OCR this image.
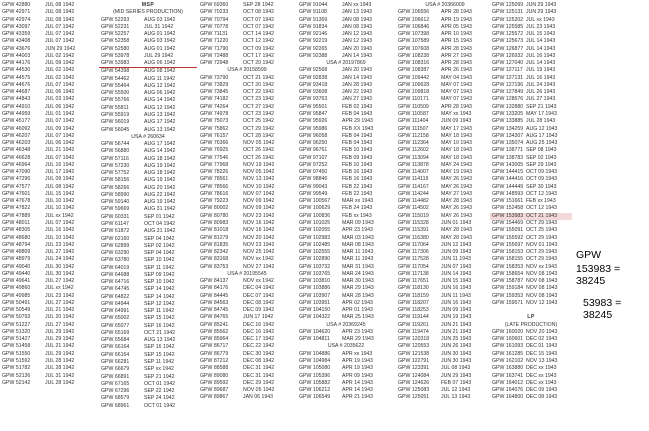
GPW 42880	JUL 08 1942
GPW 42971	JUL 08 1942
GPW 42974	JUL 08 1942
GPW 43097	JUL 07 1942
GPW 43359	JUL 07 1942
GPW 43408	JUL 07 1942
GPW 43676	JUN 29 1942
GPW 44003	JUL 02 1942
GPW 44176	JUL 09 1942
GPW 44530	JUL 02 1942
GPW 44575	JUL 02 1942
GPW 44676	JUL 07 1942
GPW 44687	JUL 06 1942
GPW 44843	JUL 03 1942
GPW 44910	JUL 06 1942
GPW 44959	JUL 01 1942
GPW 45177	JUL 07 1942
GPW 46092	JUL 09 1942
GPW 46207	JUL 07 1942
GPW 46203	JUL 06 1942
GPW 46348	JUL 21 1942
GPW 46628	JUL 07 1942
GPW 46964	JUL 16 1942
GPW 47090	JUL 17 1942
GPW 47296	JUL 09 1942
GPW 47577	JUL 08 1942
GPW 47601	JUL 15 1942
GPW 47678	JUL 10 1942
GPW 47822	JUL 10 1942
GPW 47889	JUL xx 1942
GPW 48011	JUL 07 1942
GPW 48305	JUL 16 1942
GPW 48680	JUL 10 1942
GPW 48794	JUL 23 1942
GPW 48809	JUL 27 1942
GPW 48979	JUL 24 1942
GPW 49040	JUL 30 1942
GPW 49440	JUL 30 1942
GPW 49641	JUL 27 1942
GPW 49860	JUL xx 1942
GPW 49985	JUL 23 1942
GPW 50491	JUL 27 1942
GPW 50549	JUL 21 1942
GPW 50793	JUL 20 1942
GPW 51227	JUL 27 1942
GPW 51320	JUL 29 1942
GPW 51427	JUL 29 1942
GPW 51458	JUL 21 1942
GPW 51550	JUL 29 1942
GPW 51592	JUL 28 1942
GPW 51782	JUL 28 1942
GPW 52136	JUL 31 1942
GPW 52142	JUL 28 1942
MSP
(MID SERIES PRODUCTION)
GPW 52293	AUG 03 1942
GPW 52231	JUL 31 1942
GPW 52257	AUG 01 1942
GPW 52358	AUG 03 1942
GPW 52580	AUG 01 1942
GPW 53978	JUL 29 1942
GPW 53983	AUG 06 1942
GPW 54398	AUG 08 1942
GPW 54462	AUG 11 1942
GPW 55464	AUG 12 1942
GPW 55500	AUG 06 1942
GPW 55766	AUG 14 1942
GPW 55811	AUG 12 1942
GPW 55919	AUG 13 1942
GPW 56019	AUG 17 1942
GPW 56045	AUG 13 1942
USA # 260634
GPW 56744	AUG 17 1942
GPW 56880	AUG 14 1942
GPW 57116	AUG 18 1942
GPW 57230	AUG 19 1942
GPW 57752	AUG 18 1942
GPW 58156	AUG 19 1942
GPW 58266	AUG 20 1942
GPW 58990	AUG 22 1942
GPW 59140	AUG 19 1942
GPW 59669	AUG 31 1942
GPW 60331	SEP 01 1942
GPW 61147	OCT 04 1942
GPW 61872	AUG 31 1942
GPW 62160	SEP 04 1942
GPW 62899	SEP 02 1942
GPW 63290	SEP 04 1942
GPW 63780	SEP 10 1942
GPW 64019	SEP 11 1942
GPW 64688	SEP 09 1942
GPW 64716	SEP 10 1942
GPW 64745	SEP 14 1942
GPW 64822	SEP 14 1942
GPW 64944	SEP 12 1942
GPW 64991	SEP 11 1942
GPW 65002	SEP 15 1942
GPW 65077	SEP 16 1942
GPW 65169	OCT 21 1942
GPW 65684	AUG 13 1942
GPW 66164	SEP 16 1942
GPW 66164	SEP 15 1942
GPW 66281	SEP 11 1942
GPW 66679	SEP xx 1942
GPW 66891	SEP 21 1942
GPW 67165	OCT 01 1942
GPW 67296	SEP 22 1942
GPW 68579	SEP 24 1942
GPW 68961	OCT 01 1942
GPW 69360	SEP 28 1942
GPW 70233	OCT 08 1942
GPW 70794	OCT 07 1942
GPW 70778	OCT 07 1942
GPW 71131	OCT 14 1942
GPW 71220	OCT 12 1942
GPW 71790	OCT 09 1942
GPW 72488	OCT 17 1942
GPW 72948	OCT 20 1942
USA # 20158599
GPW 73790	OCT 21 1942
GPW 73829	OCT 20 1942
GPW 73845	OCT 22 1942
GPW 74182	OCT 23 1942
GPW 74264	OCT 27 1942
GPW 74978	OCT 23 1942
GPW 75073	OCT 25 1942
GPW 75862	OCT 29 1942
GPW 76157	OCT 28 1942
GPW 76366	NOV 05 1942
GPW 76925	OCT 26 1942
GPW 77546	OCT 26 1942
GPW 77968	NOV 19 1942
GPW 78226	NOV 05 1942
GPW 78561	NOV 13 1942
GPW 78566	NOV 10 1942
GPW 78616	NOV 07 1942
GPW 79223	NOV 09 1942
GPW 80002	NOV 09 1942
GPW 80780	NOV 23 1942
GPW 80983	NOV 16 1942
GPW 81018	NOV 16 1942
GPW 81279	NOV 20 1942
GPW 81835	NOV 23 1942
GPW 82342	NOV 25 1942
GPW 83168	NOV xx 1942
GPW 83753	NOV 27 1942
USA # 20195545
GPW 84137	NOV xx 1942
GPW 84176	DEC 04 1942
GPW 84445	DEC 07 1942
GPW 84563	DEC 08 1942
GPW 84745	DEC 09 1942
GPW 84765	JUN 17 1942
GPW 85241	DEC 16 1942
GPW 85662	DEC 16 1942
GPW 85964	DEC 17 1942
GPW 86717	DEC 22 1942
GPW 86779	DEC 30 1942
GPW 87212	DEC 08 1942
GPW 88588	DEC 31 1942
GPW 89080	DEC 31 1942
GPW 89592	DEC 29 1942
GPW 89687	NOV 05 1942
GPW 89867	JAN 06 1943
GPW 91044	JAN xx 1943
GPW 91108	JAN 13 1943
GPW 91369	JAN 08 1943
GPW 91834	JAN 08 1943
GPW 92146	JAN 12 1943
GPW 92219	JAN 12 1943
GPW 92265	JAN 20 1943
GPW 92388	JAN 14 1943
USA # 20197869
GPW 92568	JAN 20 1943
GPW 92838	JAN 14 1943
GPW 93418	JAN 28 1943
GPW 93608	JAN 22 1943
GPW 93763	JAN 27 1943
GPW 95501	FEB 02 1943
GPW 95847	FEB 04 1943
GPW 95926	APR 29 1943
GPW 95986	FEB XX 1943
GPW 96058	FEB 04 1943
GPW 96250	FEB 04 1943
GPW 96761	FEB 10 1943
GPW 97107	FEB 09 1943
GPW 97252	FEB 10 1943
GPW 97450	FEB 16 1943
GPW 98846	FEB 16 1943
GPW 99043	FEB 22 1943
GPW 99549	FEB 22 1943
GPW 100567 MAR xx 1943
GPW 100629 FEB 24 1943
GPW 100836 FEB xx 1943
GPW 101025 MAR 09 1943
GPW 102055 APR 23 1943
GPW 102983 MAR 03 1943
GPW 102485 MAR 08 1943
GPW 102555 MAR 11 1943
GPW 102890 MAR 11 1943
GPW 103732 MAR 31 1943
GPW 103765 MAR 24 1943
GPW 103810 MAR 30 1943
GPW 103886 MAR 29 1943
GPW 103907 MAR 28 1943
GPW 103951 APR 02 1943
GPW 104150 APR 01 1943
GPW 104322 MAR 25 1943
USA # 20369245
GPW 104620 APR 23 1943
GPW 104811 MAR 29 1943
USA # 2035622
GPW 104886 APR xx 1943
GPW 104984 APR 19 1943
GPW 105080 APR 19 1943
GPW 105396 APR 09 1943
GPW 105882 APR 14 1943
GPW 106212 APR 14 1943
GPW 106549 APR 21 1943
USA # 20366009
GPW 106556 APR 28 1943
GPW 106612 APR 19 1943
GPW 106846 APR 05 1943
GPW 107398 APR 10 1943
GPW 107589 APR 15 1943
GPW 107608 APR 28 1943
GPW 108238 APR 27 1943
GPW 108316 APR 28 1943
GPW 108387 APR 26 1943
GPW 109442 MAY 04 1943
GPW 109628 MAY 07 1943
GPW 109818 MAY 07 1943
GPW 110171 MAY 07 1943
GPW 110509 APR 28 1943
GPW 110587 MAY xx 1943
GPW 111404 JUN 09 1943
GPW 111507 MAY 17 1943
GPW 112158 MAY 18 1943
GPW 112364 MAY 10 1943
GPW 112602 MAY 18 1943
GPW 113094 MAY 18 1943
GPW 113878 MAY 24 1943
GPW 114007 MAY 19 1943
GPW 114119 MAY 26 1943
GPW 114167 MAY 26 1943
GPW 114244 MAY 27 1943
GPW 114482 MAY 28 1943
GPW 114502 MAY 26 1943
GPW 115019 MAY 26 1943
GPW 115328 JUN 01 1943
GPW 115391 MAY 28 1943
GPW 116380 MAY 28 1943
GPW 117064 JUN 12 1943
GPW 117306 JUN 09 1943
GPW 117528 JUN 11 1943
GPW 117054 JUN 07 1943
GPW 117138 JUN 14 1943
GPW 117651 JUN 15 1943
GPW 118130 JUN 16 1943
GPW 118159 JUN 11 1943
GPW 118207 JUN 16 1943
GPW 118253 JUN 09 1943
GPW 119144 JUN 19 1943
GPW 119261 JUN 21 1943
GPW 119474 JUN 21 1943
GPW 120318 JUN 25 1943
GPW 120553 JUN 26 1943
GPW 121538 JUN 30 1943
GPW 122791 JUN 30 1943
GPW 123391 JUL 08 1943
GPW 124084 JUN 29 1943
GPW 124626 FEB 07 1943
GPW 125083 JUL 12 1943
GPW 125051 JUL 13 1943
GPW 125099 JUN 29 1943
GPW 125131 JUN 29 1943
GPW 125202 JUL xx 1943
GPW 125585 JUL 23 1943
GPW 125572 JUL 15 1943
GPW 125673 JUL 14 1943
GPW 126877 JUL 14 1943
GPW 126932 JUL 16 1943
GPW 127040 JUL 14 1943
GPW 127117 JUL 19 1943
GPW 127131 JUL 16 1943
GPW 127196 JUL 24 1943
GPW 127849 JUL 26 1943
GPW 128676 JUL 27 1943
GPW 132880 SEP 21 1943
GPW 133205 MAY 17 1943
GPW 133885 JUL 28 1943
GPW 134259 AUG 12 1943
GPW 134307 AUG 17 1943
GPW 135074 AUG 25 1943
GPW 138771 SEP 08 1943
GPW 138783 SEP 02 1943
GPW 143005 SEP 29 1943
GPW 144415 OCT 09 1943
GPW 144416 OCT 09 1943
GPW 144449 SEP 30 1943
GPW 148593 OCT 12 1943
GPW 151661 FEB xx 1943
GPW 152458 OCT 12 1943
GPW 153983 OCT 21 1943
GPW 154469 OCT 29 1943
GPW 155091 OCT 25 1943
GPW 155592 OCT 29 1943
GPW 155697 NOV 01 1943
GPW 158153 OCT 29 1943
GPW 158155 OCT 29 1943
GPW 158353 NOV xx 1943
GPW 158654 NOV 08 1943
GPW 158787 NOV 08 1943
GPW 159184 NOV 08 1943
GPW 159353 NOV 08 1943
GPW 159571 NOV 12 1943
LP
(LATE PRODUCTION)
GPW 160020 NOV 20 1943
GPW 160601 DEC 02 1943
GPW 161093 DEC 01 1943
GPW 161285 DEC 15 1943
GPW 162102 NOV 13 1943
GPW 163880 DEC xx 1943
GPW 163741 DEC xx 1943
GPW 164012 DEC xx 1943
GPW 164076 DEC 09 1943
GPW 164800 DEC 08 1943
GPW
153983 = 38245
53983 = 38245
